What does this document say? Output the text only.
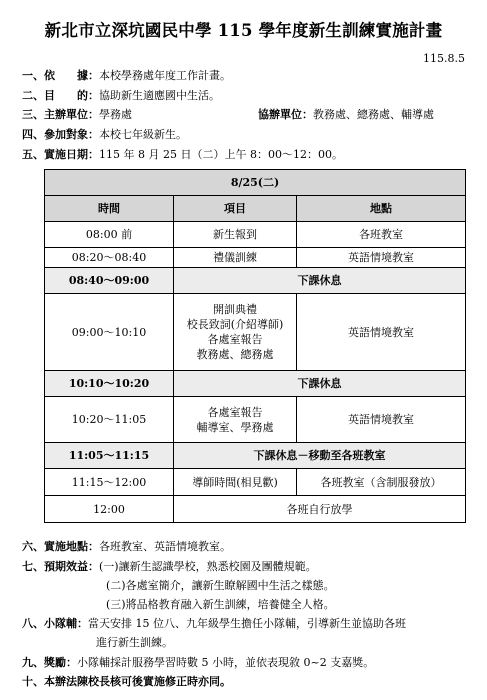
新北市立深坑國民中學 115 學年度新生訓練實施計畫
115.8.5
一、依　　據：本校學務處年度工作計畫。
二、目　　的：協助新生適應國中生活。
三、主辦單位：學務處	協辦單位：教務處、總務處、輔導處
四、參加對象：本校七年級新生。
五、實施日期：115 年 8 月 25 日（二）上午 8：00～12：00。
8/25(二)		
時間	項目	地點
08:00 前	新生報到	各班教室
08:20～08:40	禮儀訓練	英語情境教室
08:40～09:00	下課休息	
09:00～10:10	開訓典禮
校長致詞(介紹導師)
各處室報告
教務處、總務處	英語情境教室
10:10～10:20	下課休息	
10:20～11:05	各處室報告
輔導室、學務處	英語情境教室
11:05～11:15	下課休息－移動至各班教室	
11:15～12:00	導師時間(相見歡)	各班教室（含制服發放）
12:00	各班自行放學	
六、實施地點：各班教室、英語情境教室。
七、預期效益：(一)讓新生認識學校，熟悉校園及團體規範。
(二)各處室簡介，讓新生瞭解國中生活之樣態。
(三)將品格教育融入新生訓練，培養健全人格。
八、小隊輔：當天安排 15 位八、九年級學生擔任小隊輔，引導新生並協助各班
進行新生訓練。
九、獎勵：小隊輔採計服務學習時數 5 小時，並依表現敘 0~2 支嘉獎。
十、本辦法陳校長核可後實施修正時亦同。
